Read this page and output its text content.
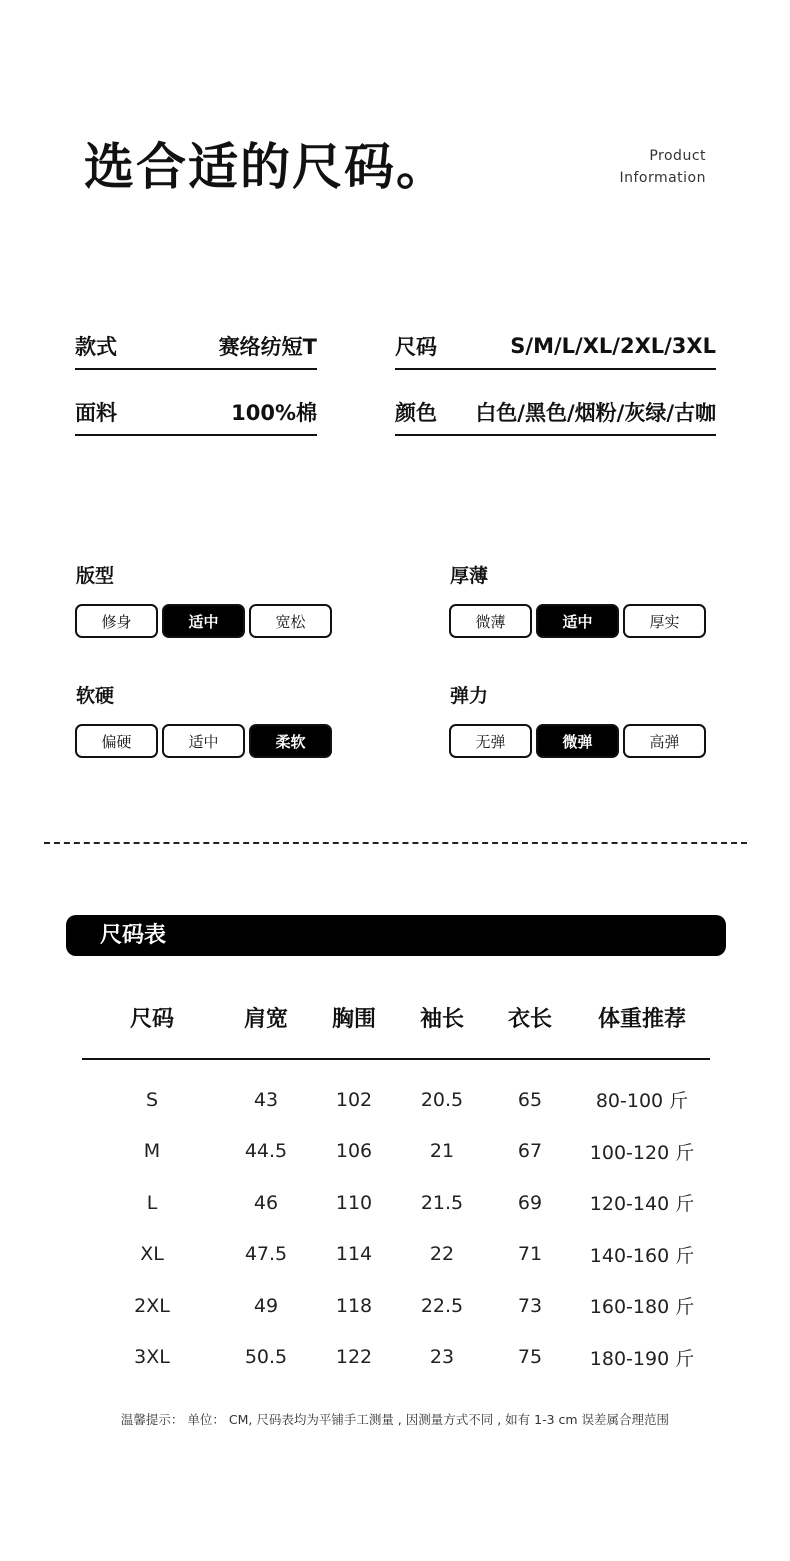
选合适的尺码。	Product
Information
款式	赛络纺短T	尺码	S/M/L/XL/2XL/3XL
面料	100%棉	颜色 白色/黑色/烟粉/灰绿/古咖
版型
修身	适中	宽松
厚薄
微薄	适中	厚实
软硬
偏硬	适中	柔软
弹力
无弹	微弹	高弹
尺码表
尺码	肩宽	胸围	袖长	衣长	体重推荐

S	43	102	20.5	65	80-100 斤
M	44.5	106	21	67	100-120 斤
L	46	110	21.5	69	120-140 斤
XL	47.5	114	22	71	140-160 斤
2XL	49	118	22.5	73	160-180 斤
3XL	50.5	122	23	75	180-190 斤
温馨提示： 单位： CM, 尺码表均为平铺手工测量 , 因测量方式不同 , 如有 1-3 cm 误差属合理范围
